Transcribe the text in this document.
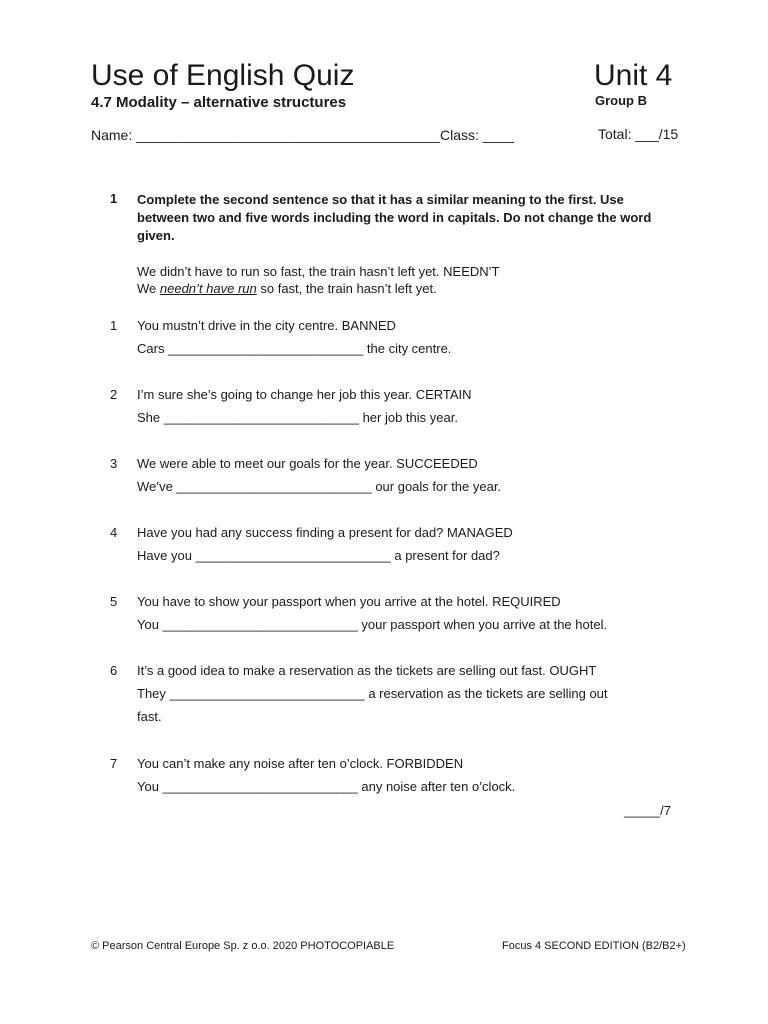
Use of English Quiz	Unit 4
4.7 Modality – alternative structures	Group B
Name: _______________________________________ Class: ____	Total: ___/15
1 Complete the second sentence so that it has a similar meaning to the first. Use between two and five words including the word in capitals. Do not change the word given.
We didn’t have to run so fast, the train hasn’t left yet. NEEDN’T
We needn’t have run so fast, the train hasn’t left yet.
1 You mustn’t drive in the city centre. BANNED
Cars ___________________________ the city centre.
2 I’m sure she’s going to change her job this year. CERTAIN
She ___________________________ her job this year.
3 We were able to meet our goals for the year. SUCCEEDED
We’ve ___________________________ our goals for the year.
4 Have you had any success finding a present for dad? MANAGED
Have you ___________________________ a present for dad?
5 You have to show your passport when you arrive at the hotel. REQUIRED
You ___________________________ your passport when you arrive at the hotel.
6 It’s a good idea to make a reservation as the tickets are selling out fast. OUGHT
They ___________________________ a reservation as the tickets are selling out
fast.
7 You can’t make any noise after ten o’clock. FORBIDDEN
You ___________________________ any noise after ten o’clock.
_____/7
© Pearson Central Europe Sp. z o.o. 2020 PHOTOCOPIABLE	Focus 4 SECOND EDITION (B2/B2+)
